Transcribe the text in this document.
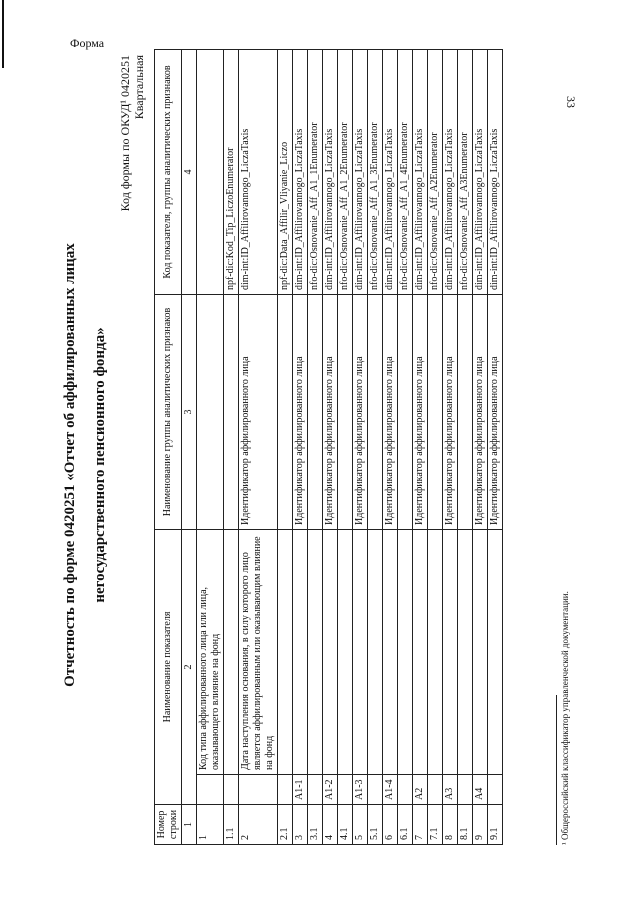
Форма
33
Отчетность по форме 0420251 «Отчет об аффилированных лицах негосударственного пенсионного фонда»
Код формы по ОКУД¹ 0420251 Квартальная
Номер строки	Наименование показателя		Наименование группы аналитических признаков	Код показателя, группы аналитических признаков
1	2		3	4
1		Код типа аффилированного лица или лица, оказывающего влияние на фонд		
1.1				npf-dic:Kod_Tip_LiczoEnumerator
2		Дата наступления основания, в силу которого лицо является аффилированным или оказывающим влияние на фонд	Идентификатор аффилированного лица	dim-int:ID_Affilirovannogo_LiczaTaxis
2.1				npf-dic:Data_Affilir_Vliyanie_Liczo
3	A1-1		Идентификатор аффилированного лица	dim-int:ID_Affilirovannogo_LiczaTaxis
3.1				nfo-dic:Osnovanie_Aff_A1_1Enumerator
4	A1-2		Идентификатор аффилированного лица	dim-int:ID_Affilirovannogo_LiczaTaxis
4.1				nfo-dic:Osnovanie_Aff_A1_2Enumerator
5	A1-3		Идентификатор аффилированного лица	dim-int:ID_Affilirovannogo_LiczaTaxis
5.1				nfo-dic:Osnovanie_Aff_A1_3Enumerator
6	A1-4		Идентификатор аффилированного лица	dim-int:ID_Affilirovannogo_LiczaTaxis
6.1				nfo-dic:Osnovanie_Aff_A1_4Enumerator
7	A2		Идентификатор аффилированного лица	dim-int:ID_Affilirovannogo_LiczaTaxis
7.1				nfo-dic:Osnovanie_Aff_A2Enumerator
8	A3		Идентификатор аффилированного лица	dim-int:ID_Affilirovannogo_LiczaTaxis
8.1				nfo-dic:Osnovanie_Aff_A3Enumerator
9	A4		Идентификатор аффилированного лица	dim-int:ID_Affilirovannogo_LiczaTaxis
9.1			Идентификатор аффилированного лица	dim-int:ID_Affilirovannogo_LiczaTaxis
¹ Общероссийский классификатор управленческой документации.
